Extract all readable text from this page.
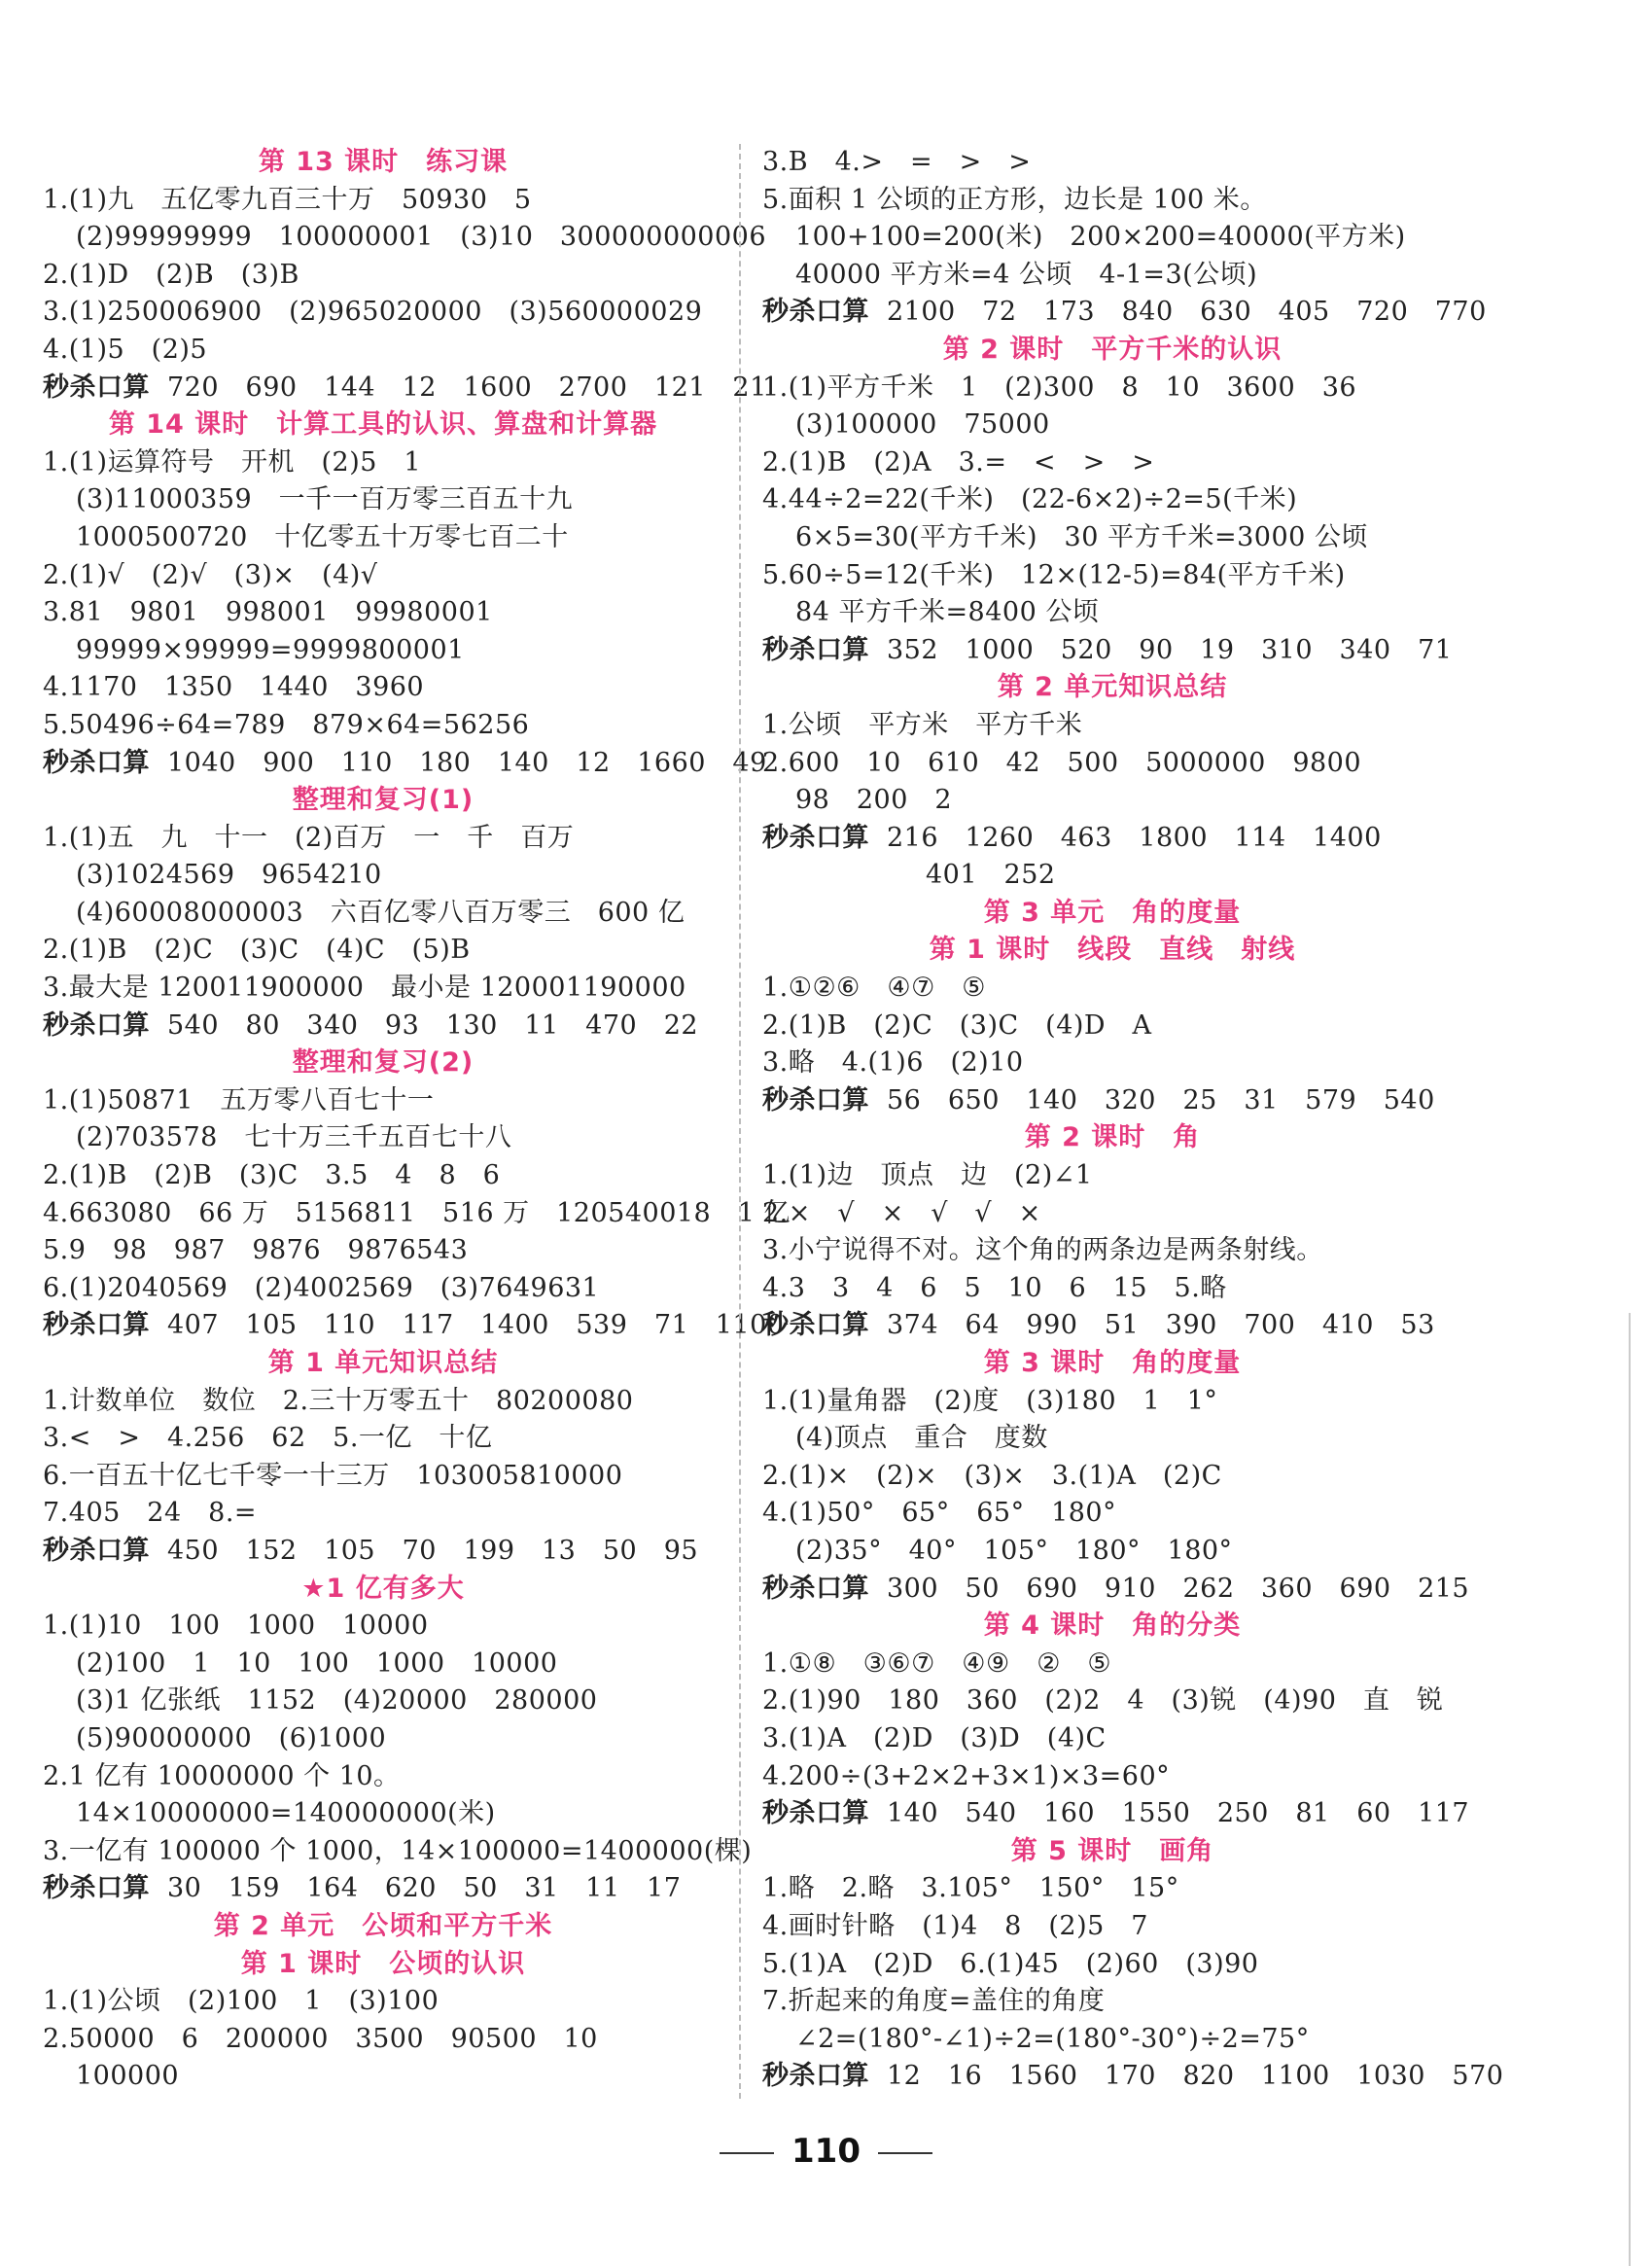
第 13 课时　练习课
1.(1)九　五亿零九百三十万　50930　5
(2)99999999　100000001　(3)10　300000000006
2.(1)D　(2)B　(3)B
3.(1)250006900　(2)965020000　(3)560000029
4.(1)5　(2)5
秒杀口算 720　690　144　12　1600　2700　121　21
第 14 课时　计算工具的认识、算盘和计算器
1.(1)运算符号　开机　(2)5　1
(3)11000359　一千一百万零三百五十九
1000500720　十亿零五十万零七百二十
2.(1)√　(2)√　(3)×　(4)√
3.81　9801　998001　99980001
99999×99999=9999800001
4.1170　1350　1440　3960
5.50496÷64=789　879×64=56256
秒杀口算 1040　900　110　180　140　12　1660　49
整理和复习(1)
1.(1)五　九　十一　(2)百万　一　千　百万
(3)1024569　9654210
(4)60008000003　六百亿零八百万零三　600 亿
2.(1)B　(2)C　(3)C　(4)C　(5)B
3.最大是 120011900000　最小是 120001190000
秒杀口算 540　80　340　93　130　11　470　22
整理和复习(2)
1.(1)50871　五万零八百七十一
(2)703578　七十万三千五百七十八
2.(1)B　(2)B　(3)C　3.5　4　8　6
4.663080　66 万　5156811　516 万　120540018　1 亿
5.9　98　987　9876　9876543
6.(1)2040569　(2)4002569　(3)7649631
秒杀口算 407　105　110　117　1400　539　71　1100
第 1 单元知识总结
1.计数单位　数位　2.三十万零五十　80200080
3.<　>　4.256　62　5.一亿　十亿
6.一百五十亿七千零一十三万　103005810000
7.405　24　8.=
秒杀口算 450　152　105　70　199　13　50　95
★1 亿有多大
1.(1)10　100　1000　10000
(2)100　1　10　100　1000　10000
(3)1 亿张纸　1152　(4)20000　280000
(5)90000000　(6)1000
2.1 亿有 10000000 个 10。
14×10000000=140000000(米)
3.一亿有 100000 个 1000，14×100000=1400000(棵)
秒杀口算 30　159　164　620　50　31　11　17
第 2 单元　公顷和平方千米
第 1 课时　公顷的认识
1.(1)公顷　(2)100　1　(3)100
2.50000　6　200000　3500　90500　10
100000
3.B　4.>　=　>　>
5.面积 1 公顷的正方形，边长是 100 米。
100+100=200(米)　200×200=40000(平方米)
40000 平方米=4 公顷　4-1=3(公顷)
秒杀口算 2100　72　173　840　630　405　720　770
第 2 课时　平方千米的认识
1.(1)平方千米　1　(2)300　8　10　3600　36
(3)100000　75000
2.(1)B　(2)A　3.=　<　>　>
4.44÷2=22(千米)　(22-6×2)÷2=5(千米)
6×5=30(平方千米)　30 平方千米=3000 公顷
5.60÷5=12(千米)　12×(12-5)=84(平方千米)
84 平方千米=8400 公顷
秒杀口算 352　1000　520　90　19　310　340　71
第 2 单元知识总结
1.公顷　平方米　平方千米
2.600　10　610　42　500　5000000　9800
98　200　2
秒杀口算 216　1260　463　1800　114　1400
401　252
第 3 单元　角的度量
第 1 课时　线段　直线　射线
1.①②⑥　④⑦　⑤
2.(1)B　(2)C　(3)C　(4)D　A
3.略　4.(1)6　(2)10
秒杀口算 56　650　140　320　25　31　579　540
第 2 课时　角
1.(1)边　顶点　边　(2)∠1
2.×　√　×　√　√　×
3.小宁说得不对。这个角的两条边是两条射线。
4.3　3　4　6　5　10　6　15　5.略
秒杀口算 374　64　990　51　390　700　410　53
第 3 课时　角的度量
1.(1)量角器　(2)度　(3)180　1　1°
(4)顶点　重合　度数
2.(1)×　(2)×　(3)×　3.(1)A　(2)C
4.(1)50°　65°　65°　180°
(2)35°　40°　105°　180°　180°
秒杀口算 300　50　690　910　262　360　690　215
第 4 课时　角的分类
1.①⑧　③⑥⑦　④⑨　②　⑤
2.(1)90　180　360　(2)2　4　(3)锐　(4)90　直　锐
3.(1)A　(2)D　(3)D　(4)C
4.200÷(3+2×2+3×1)×3=60°
秒杀口算 140　540　160　1550　250　81　60　117
第 5 课时　画角
1.略　2.略　3.105°　150°　15°
4.画时针略　(1)4　8　(2)5　7
5.(1)A　(2)D　6.(1)45　(2)60　(3)90
7.折起来的角度=盖住的角度
∠2=(180°-∠1)÷2=(180°-30°)÷2=75°
秒杀口算 12　16　1560　170　820　1100　1030　570
110
